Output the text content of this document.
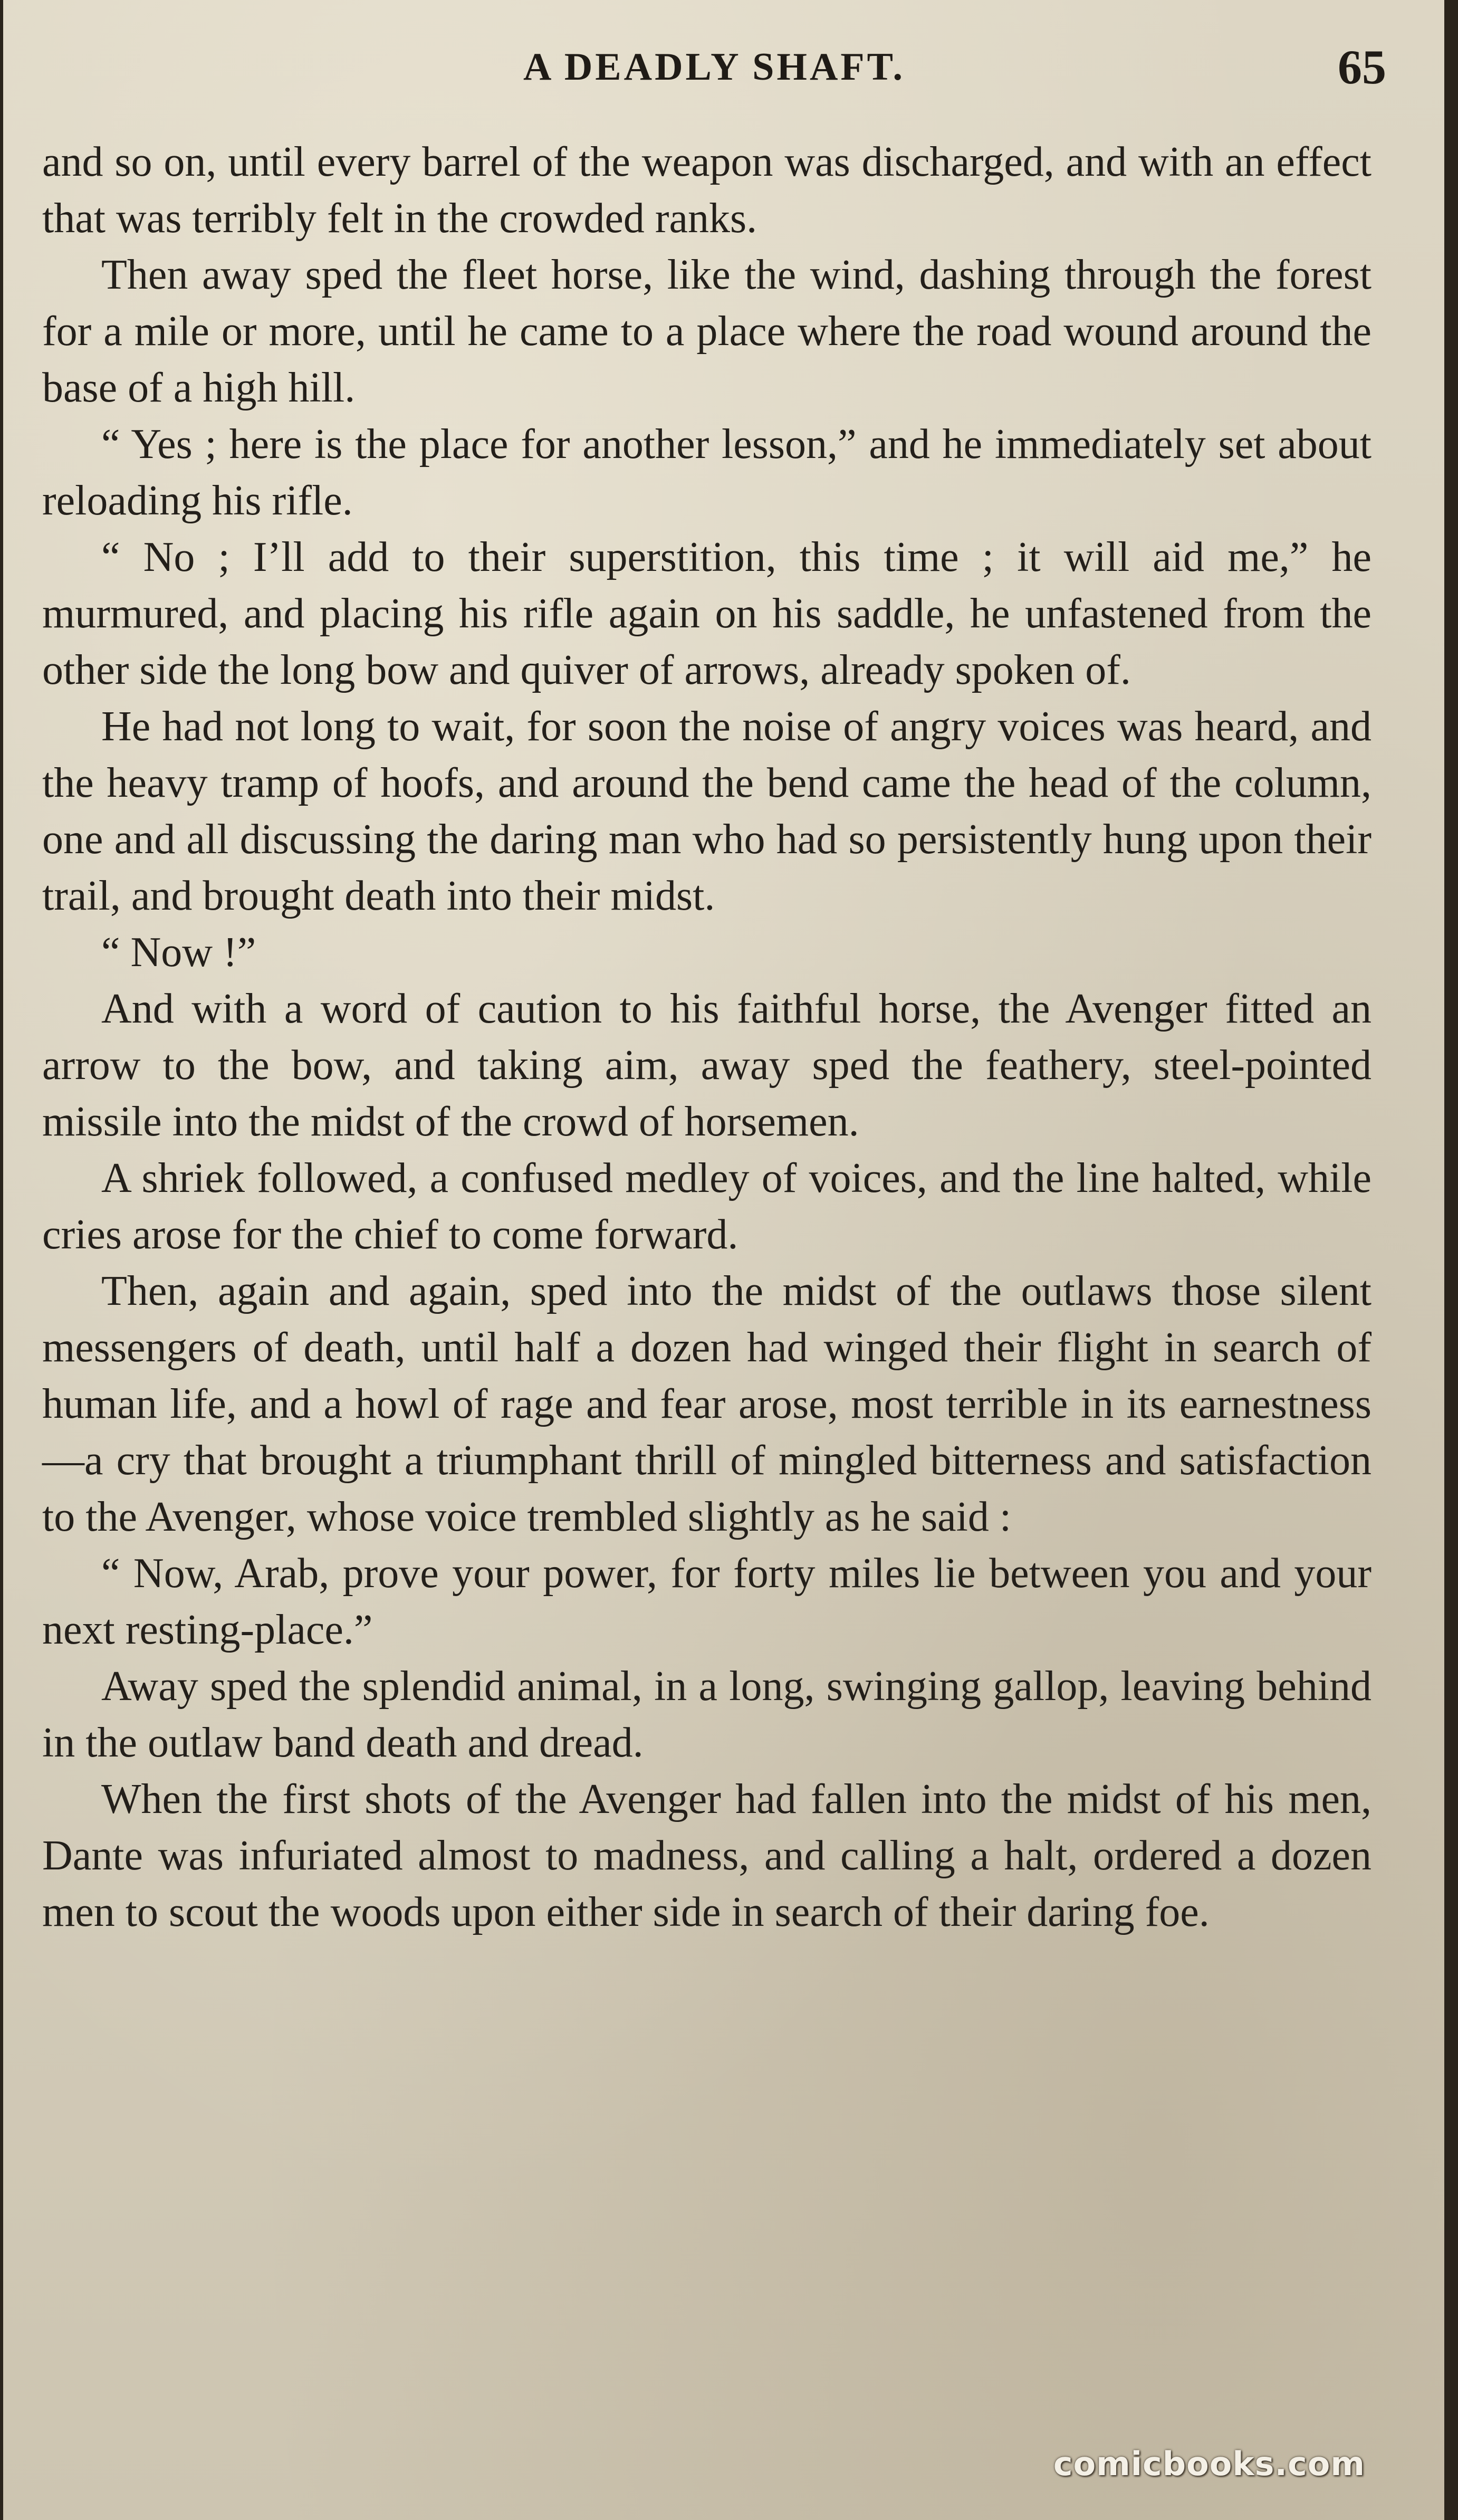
A DEADLY SHAFT.	65

and so on, until every barrel of the weapon was discharged, and with an effect that was terribly felt in the crowded ranks.

Then away sped the fleet horse, like the wind, dashing through the forest for a mile or more, until he came to a place where the road wound around the base of a high hill.

“ Yes ; here is the place for another lesson,” and he immediately set about reloading his rifle.

“ No ; I’ll add to their superstition, this time ; it will aid me,” he murmured, and placing his rifle again on his saddle, he unfastened from the other side the long bow and quiver of arrows, already spoken of.

He had not long to wait, for soon the noise of angry voices was heard, and the heavy tramp of hoofs, and around the bend came the head of the column, one and all discussing the daring man who had so persistently hung upon their trail, and brought death into their midst.

“ Now !”

And with a word of caution to his faithful horse, the Avenger fitted an arrow to the bow, and taking aim, away sped the feathery, steel-pointed missile into the midst of the crowd of horsemen.

A shriek followed, a confused medley of voices, and the line halted, while cries arose for the chief to come forward.

Then, again and again, sped into the midst of the outlaws those silent messengers of death, until half a dozen had winged their flight in search of human life, and a howl of rage and fear arose, most terrible in its earnestness—a cry that brought a triumphant thrill of mingled bitterness and satisfaction to the Avenger, whose voice trembled slightly as he said :

“ Now, Arab, prove your power, for forty miles lie between you and your next resting-place.”

Away sped the splendid animal, in a long, swinging gallop, leaving behind in the outlaw band death and dread.

When the first shots of the Avenger had fallen into the midst of his men, Dante was infuriated almost to madness, and calling a halt, ordered a dozen men to scout the woods upon either side in search of their daring foe.

comicbooks.com
